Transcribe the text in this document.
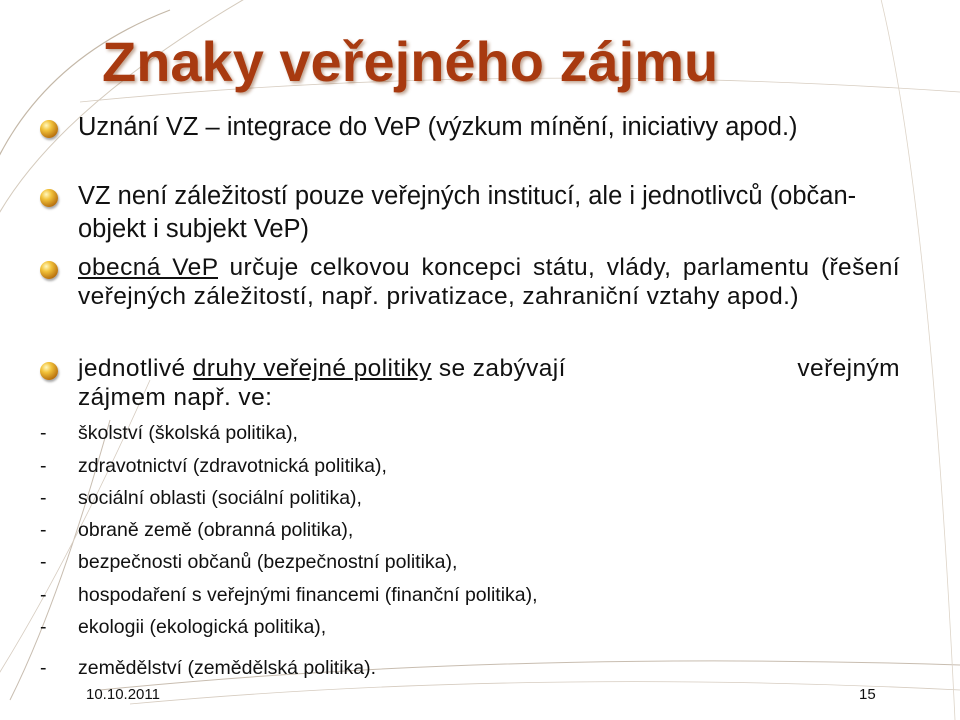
Znaky veřejného zájmu
Uznání VZ – integrace do VeP (výzkum mínění, iniciativy apod.)
VZ není záležitostí pouze veřejných institucí, ale i jednotlivců (občan- objekt i subjekt VeP)
obecná VeP určuje celkovou koncepci státu, vlády, parlamentu (řešení veřejných záležitostí, např. privatizace, zahraniční vztahy apod.)
jednotlivé druhy veřejné politiky se zabývají	veřejným
zájmem např. ve:
- školství (školská politika),
- zdravotnictví (zdravotnická politika),
- sociální oblasti (sociální politika),
- obraně země (obranná politika),
- bezpečnosti občanů (bezpečnostní politika),
- hospodaření s veřejnými financemi (finanční politika),
- ekologii (ekologická politika),
- zemědělství (zemědělská politika).
10.10.2011	15
